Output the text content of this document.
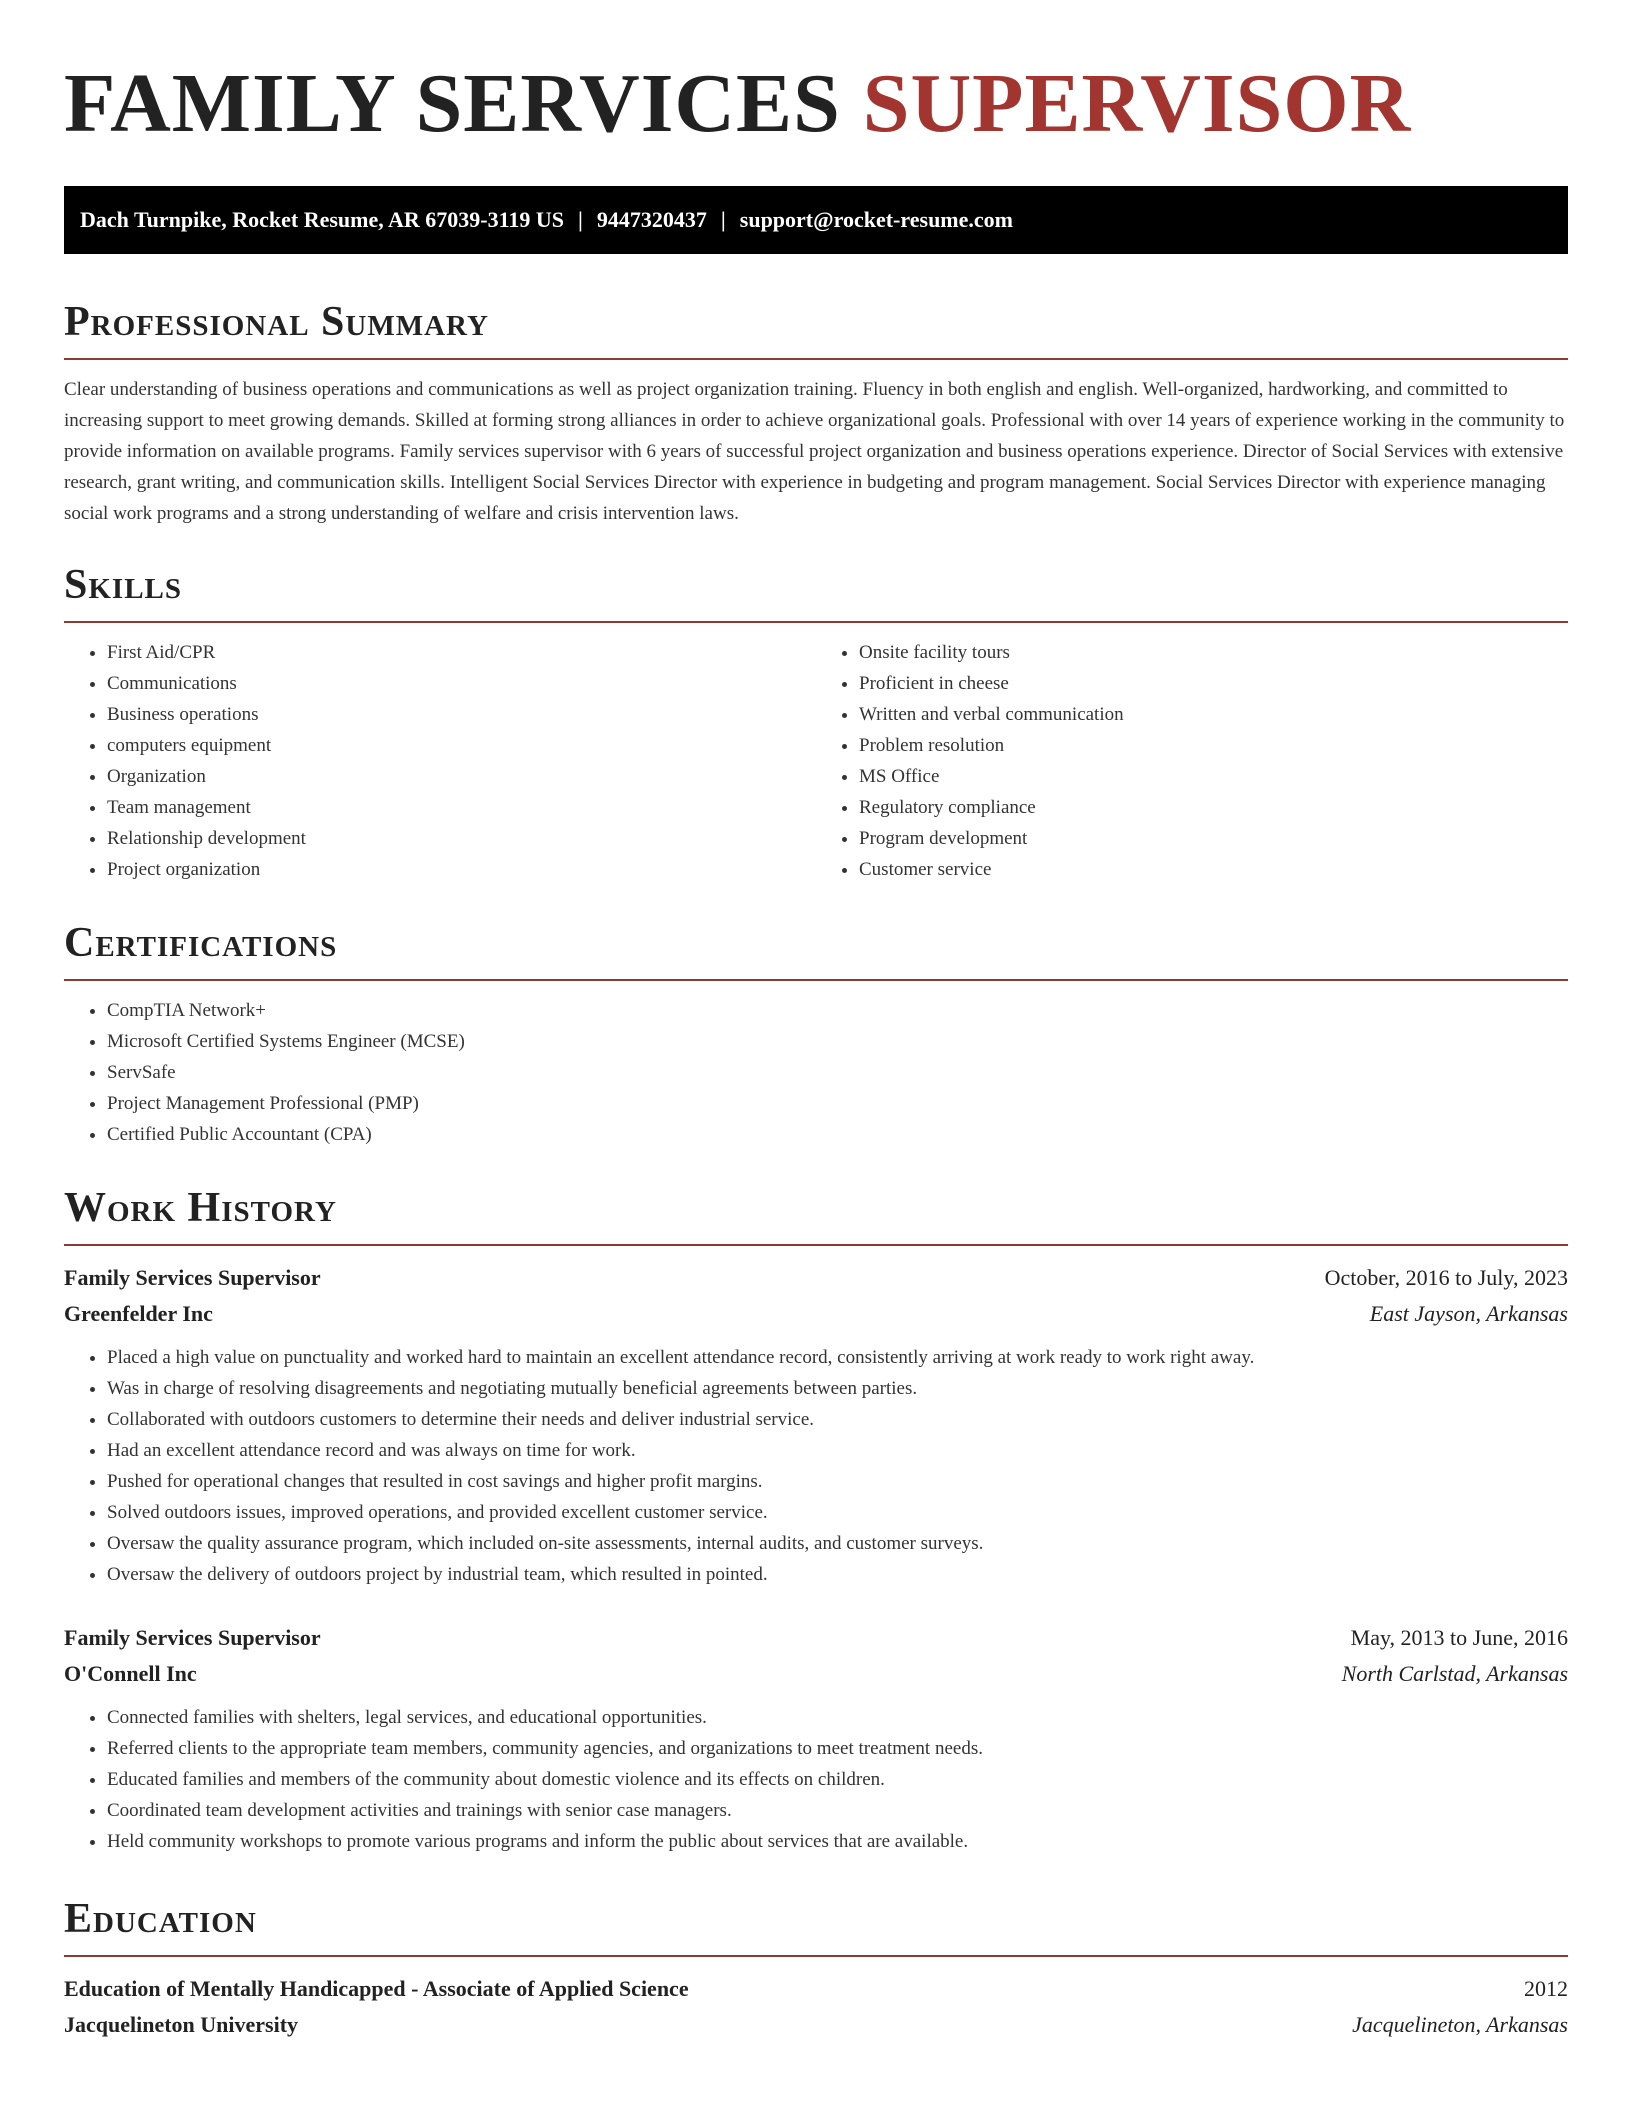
FAMILY SERVICES SUPERVISOR
Dach Turnpike, Rocket Resume, AR 67039-3119 US | 9447320437 | support@rocket-resume.com
Professional Summary

Clear understanding of business operations and communications as well as project organization training. Fluency in both english and english. Well-organized, hardworking, and committed to increasing support to meet growing demands. Skilled at forming strong alliances in order to achieve organizational goals. Professional with over 14 years of experience working in the community to provide information on available programs. Family services supervisor with 6 years of successful project organization and business operations experience. Director of Social Services with extensive research, grant writing, and communication skills. Intelligent Social Services Director with experience in budgeting and program management. Social Services Director with experience managing social work programs and a strong understanding of welfare and crisis intervention laws.

Skills
• First Aid/CPR
• Communications
• Business operations
• computers equipment
• Organization
• Team management
• Relationship development
• Project organization
• Onsite facility tours
• Proficient in cheese
• Written and verbal communication
• Problem resolution
• MS Office
• Regulatory compliance
• Program development
• Customer service
Certifications
• CompTIA Network+
• Microsoft Certified Systems Engineer (MCSE)
• ServSafe
• Project Management Professional (PMP)
• Certified Public Accountant (CPA)
Work History
Family Services Supervisor	October, 2016 to July, 2023
Greenfelder Inc	East Jayson, Arkansas
• Placed a high value on punctuality and worked hard to maintain an excellent attendance record, consistently arriving at work ready to work right away.
• Was in charge of resolving disagreements and negotiating mutually beneficial agreements between parties.
• Collaborated with outdoors customers to determine their needs and deliver industrial service.
• Had an excellent attendance record and was always on time for work.
• Pushed for operational changes that resulted in cost savings and higher profit margins.
• Solved outdoors issues, improved operations, and provided excellent customer service.
• Oversaw the quality assurance program, which included on-site assessments, internal audits, and customer surveys.
• Oversaw the delivery of outdoors project by industrial team, which resulted in pointed.
Family Services Supervisor	May, 2013 to June, 2016
O'Connell Inc	North Carlstad, Arkansas
• Connected families with shelters, legal services, and educational opportunities.
• Referred clients to the appropriate team members, community agencies, and organizations to meet treatment needs.
• Educated families and members of the community about domestic violence and its effects on children.
• Coordinated team development activities and trainings with senior case managers.
• Held community workshops to promote various programs and inform the public about services that are available.
Education
Education of Mentally Handicapped - Associate of Applied Science	2012
Jacquelineton University	Jacquelineton, Arkansas
